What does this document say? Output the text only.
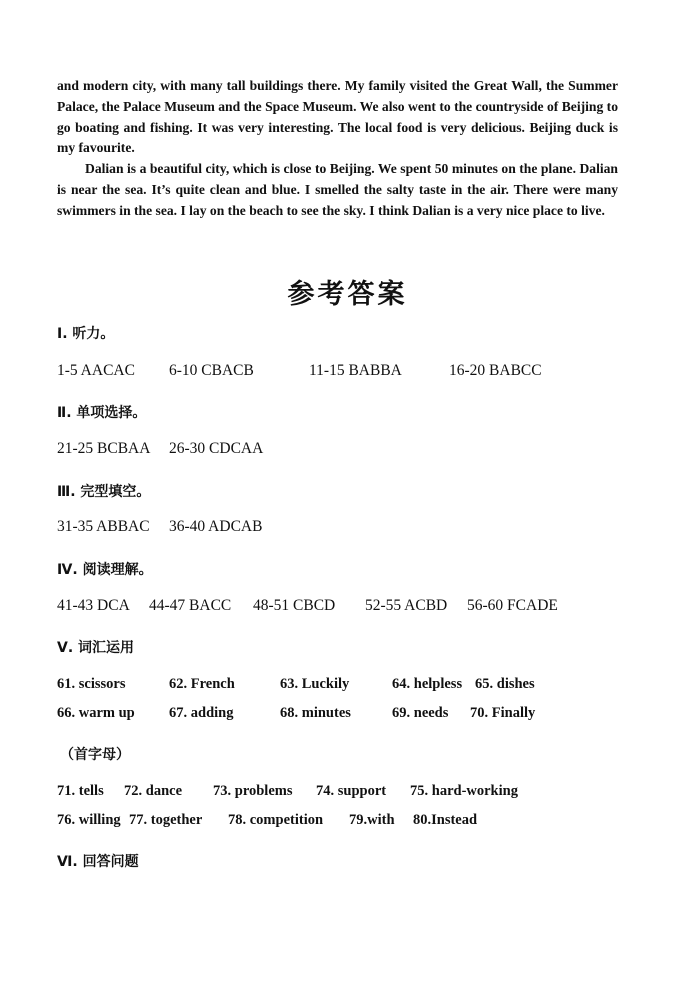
and modern city, with many tall buildings there. My family visited the Great Wall, the Summer Palace, the Palace Museum and the Space Museum. We also went to the countryside of Beijing to go boating and fishing. It was very interesting. The local food is very delicious. Beijing duck is my favourite.

Dalian is a beautiful city, which is close to Beijing. We spent 50 minutes on the plane. Dalian is near the sea. It’s quite clean and blue. I smelled the salty taste in the air. There were many swimmers in the sea. I lay on the beach to see the sky. I think Dalian is a very nice place to live.

参考答案
Ⅰ. 听力。
1-5 AACAC 6-10 CBACB	11-15 BABBA	16-20 BABCC
Ⅱ. 单项选择。
21-25 BCBAA 26-30 CDCAA
Ⅲ. 完型填空。
31-35 ABBAC 36-40 ADCAB
Ⅳ. 阅读理解。
41-43 DCA 44-47 BACC 48-51 CBCD 52-55 ACBD 56-60 FCADE
Ⅴ. 词汇运用
61. scissors	62. French	63. Luckily	64. helpless 65. dishes
66. warm up 67. adding	68. minutes	69. needs 70. Finally
（首字母）
71. tells 72. dance 73. problems 74. support 75. hard-working
76. willing 77. together 78. competition 79.with 80.Instead
Ⅵ. 回答问题
